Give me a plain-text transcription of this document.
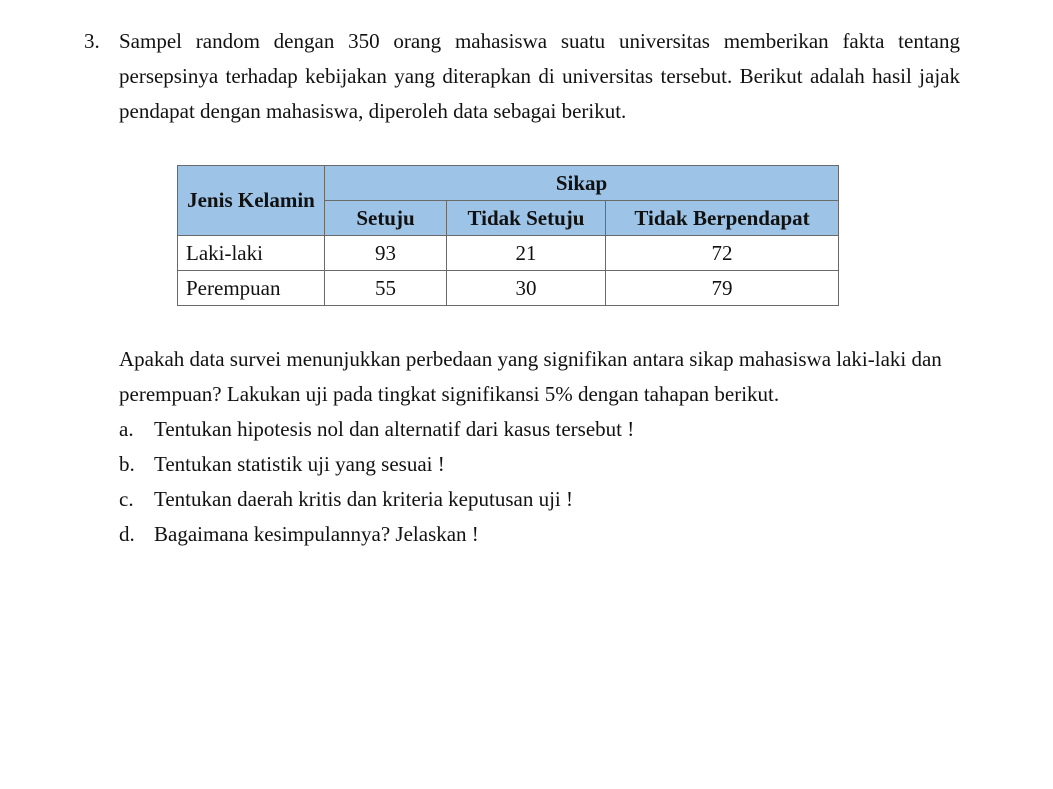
3. Sampel random dengan 350 orang mahasiswa suatu universitas memberikan fakta tentang persepsinya terhadap kebijakan yang diterapkan di universitas tersebut. Berikut adalah hasil jajak pendapat dengan mahasiswa, diperoleh data sebagai berikut.
Jenis Kelamin	Sikap		
	Setuju	Tidak Setuju	Tidak Berpendapat
Laki-laki	93	21	72
Perempuan	55	30	79
Apakah data survei menunjukkan perbedaan yang signifikan antara sikap mahasiswa laki-laki dan perempuan? Lakukan uji pada tingkat signifikansi 5% dengan tahapan berikut.
a. Tentukan hipotesis nol dan alternatif dari kasus tersebut !
b. Tentukan statistik uji yang sesuai !
c. Tentukan daerah kritis dan kriteria keputusan uji !
d. Bagaimana kesimpulannya? Jelaskan !
